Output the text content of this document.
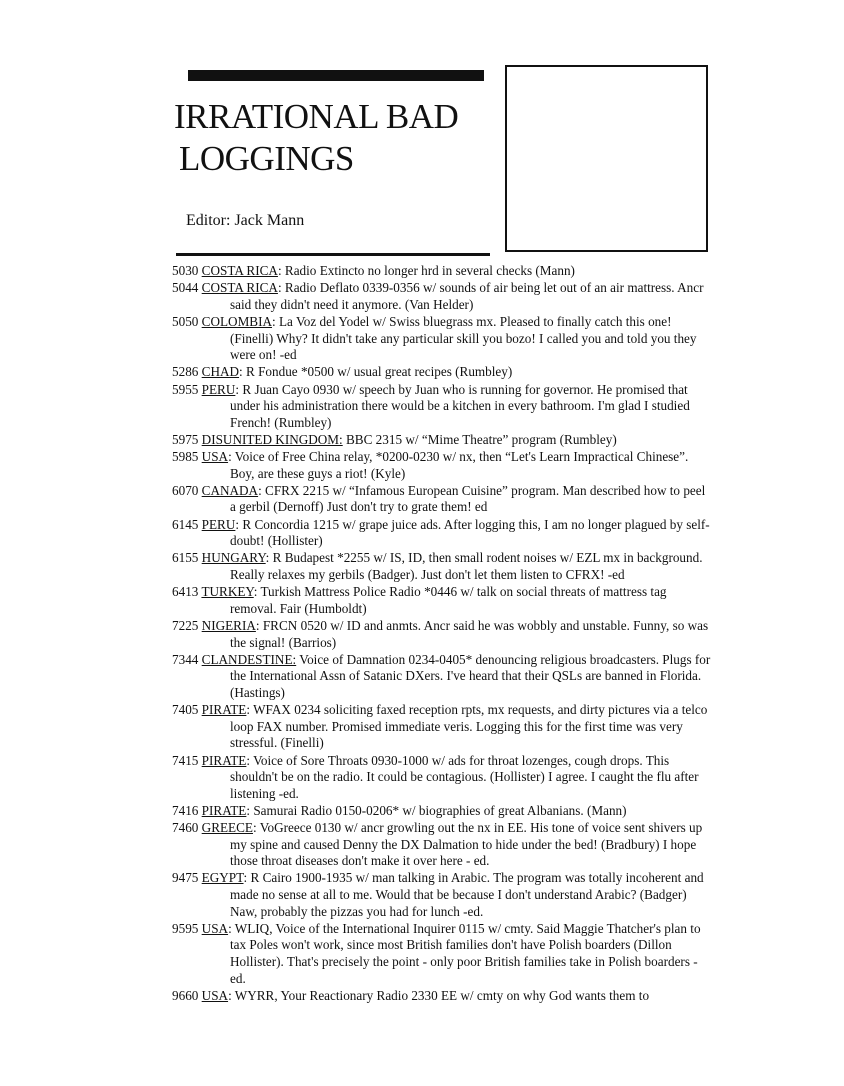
IRRATIONAL BAD
LOGGINGS
Editor: Jack Mann
5030 COSTA RICA: Radio Extincto no longer hrd in several checks (Mann)
5044 COSTA RICA: Radio Deflato 0339-0356 w/ sounds of air being let out of an air mattress. Ancr said they didn't need it anymore. (Van Helder)
5050 COLOMBIA: La Voz del Yodel w/ Swiss bluegrass mx. Pleased to finally catch this one! (Finelli) Why? It didn't take any particular skill you bozo! I called you and told you they were on! -ed
5286 CHAD: R Fondue *0500 w/ usual great recipes (Rumbley)
5955 PERU: R Juan Cayo 0930 w/ speech by Juan who is running for governor. He promised that under his administration there would be a kitchen in every bathroom. I'm glad I studied French! (Rumbley)
5975 DISUNITED KINGDOM: BBC 2315 w/ “Mime Theatre” program (Rumbley)
5985 USA: Voice of Free China relay, *0200-0230 w/ nx, then “Let's Learn Impractical Chinese”. Boy, are these guys a riot! (Kyle)
6070 CANADA: CFRX 2215 w/ “Infamous European Cuisine” program. Man described how to peel a gerbil (Dernoff) Just don't try to grate them! ed
6145 PERU: R Concordia 1215 w/ grape juice ads. After logging this, I am no longer plagued by self-doubt! (Hollister)
6155 HUNGARY: R Budapest *2255 w/ IS, ID, then small rodent noises w/ EZL mx in background. Really relaxes my gerbils (Badger). Just don't let them listen to CFRX! -ed
6413 TURKEY: Turkish Mattress Police Radio *0446 w/ talk on social threats of mattress tag removal. Fair (Humboldt)
7225 NIGERIA: FRCN 0520 w/ ID and anmts. Ancr said he was wobbly and unstable. Funny, so was the signal! (Barrios)
7344 CLANDESTINE: Voice of Damnation 0234-0405* denouncing religious broadcasters. Plugs for the International Assn of Satanic DXers. I've heard that their QSLs are banned in Florida. (Hastings)
7405 PIRATE: WFAX 0234 soliciting faxed reception rpts, mx requests, and dirty pictures via a telco loop FAX number. Promised immediate veris. Logging this for the first time was very stressful. (Finelli)
7415 PIRATE: Voice of Sore Throats 0930-1000 w/ ads for throat lozenges, cough drops. This shouldn't be on the radio. It could be contagious. (Hollister) I agree. I caught the flu after listening -ed.
7416 PIRATE: Samurai Radio 0150-0206* w/ biographies of great Albanians. (Mann)
7460 GREECE: VoGreece 0130 w/ ancr growling out the nx in EE. His tone of voice sent shivers up my spine and caused Denny the DX Dalmation to hide under the bed! (Bradbury) I hope those throat diseases don't make it over here - ed.
9475 EGYPT: R Cairo 1900-1935 w/ man talking in Arabic. The program was totally incoherent and made no sense at all to me. Would that be because I don't understand Arabic? (Badger) Naw, probably the pizzas you had for lunch -ed.
9595 USA: WLIQ, Voice of the International Inquirer 0115 w/ cmty. Said Maggie Thatcher's plan to tax Poles won't work, since most British families don't have Polish boarders (Dillon Hollister). That's precisely the point - only poor British families take in Polish boarders -ed.
9660 USA: WYRR, Your Reactionary Radio 2330 EE w/ cmty on why God wants them to
